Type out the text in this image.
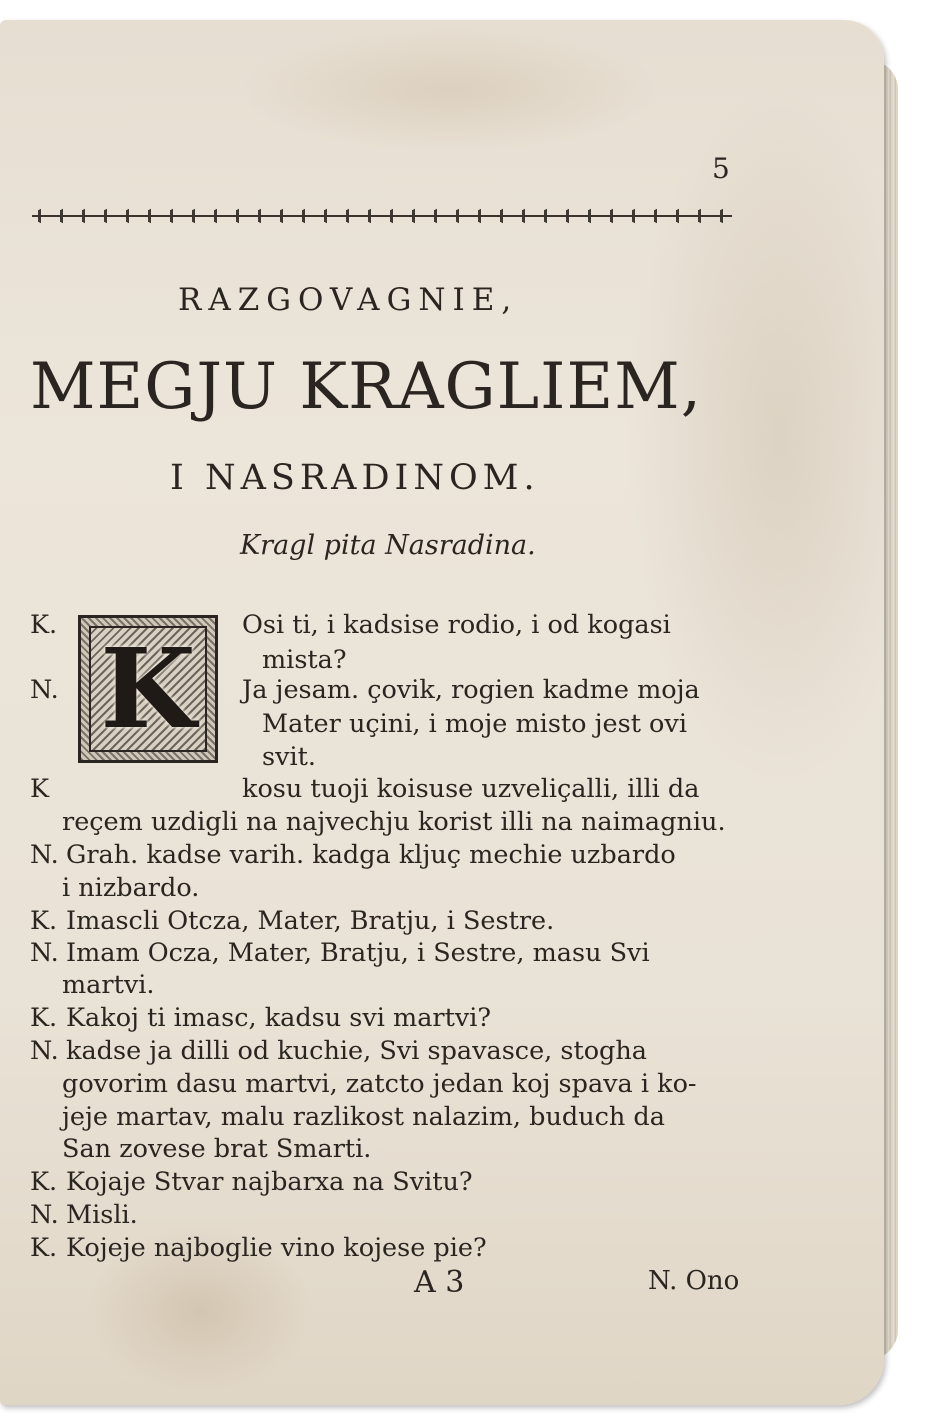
5
RAZGOVAGNIE,
MEGJU KRAGLIEM,
I NASRADINOM.
Kragl pita Nasradina.
K
K.	Osi ti, i kadsise rodio, i od kogasi
mista?
N.	Ja jesam. çovik, rogien kadme moja
Mater uçini, i moje misto jest ovi
svit.
K	kosu tuoji koisuse uzveliçalli, illi da
reçem uzdigli na najvechju korist illi na naimagniu.
N. Grah. kadse varih. kadga kljuç mechie uzbardo
i nizbardo.
K. Imascli Otcza, Mater, Bratju, i Sestre.
N. Imam Ocza, Mater, Bratju, i Sestre, masu Svi
martvi.
K. Kakoj ti imasc, kadsu svi martvi?
N. kadse ja dilli od kuchie, Svi spavasce, stogha
govorim dasu martvi, zatcto jedan koj spava i ko-
jeje martav, malu razlikost nalazim, buduch da
San zovese brat Smarti.
K. Kojaje Stvar najbarxa na Svitu?
N. Misli.
K. Kojeje najboglie vino kojese pie?
A 3	N. Ono
